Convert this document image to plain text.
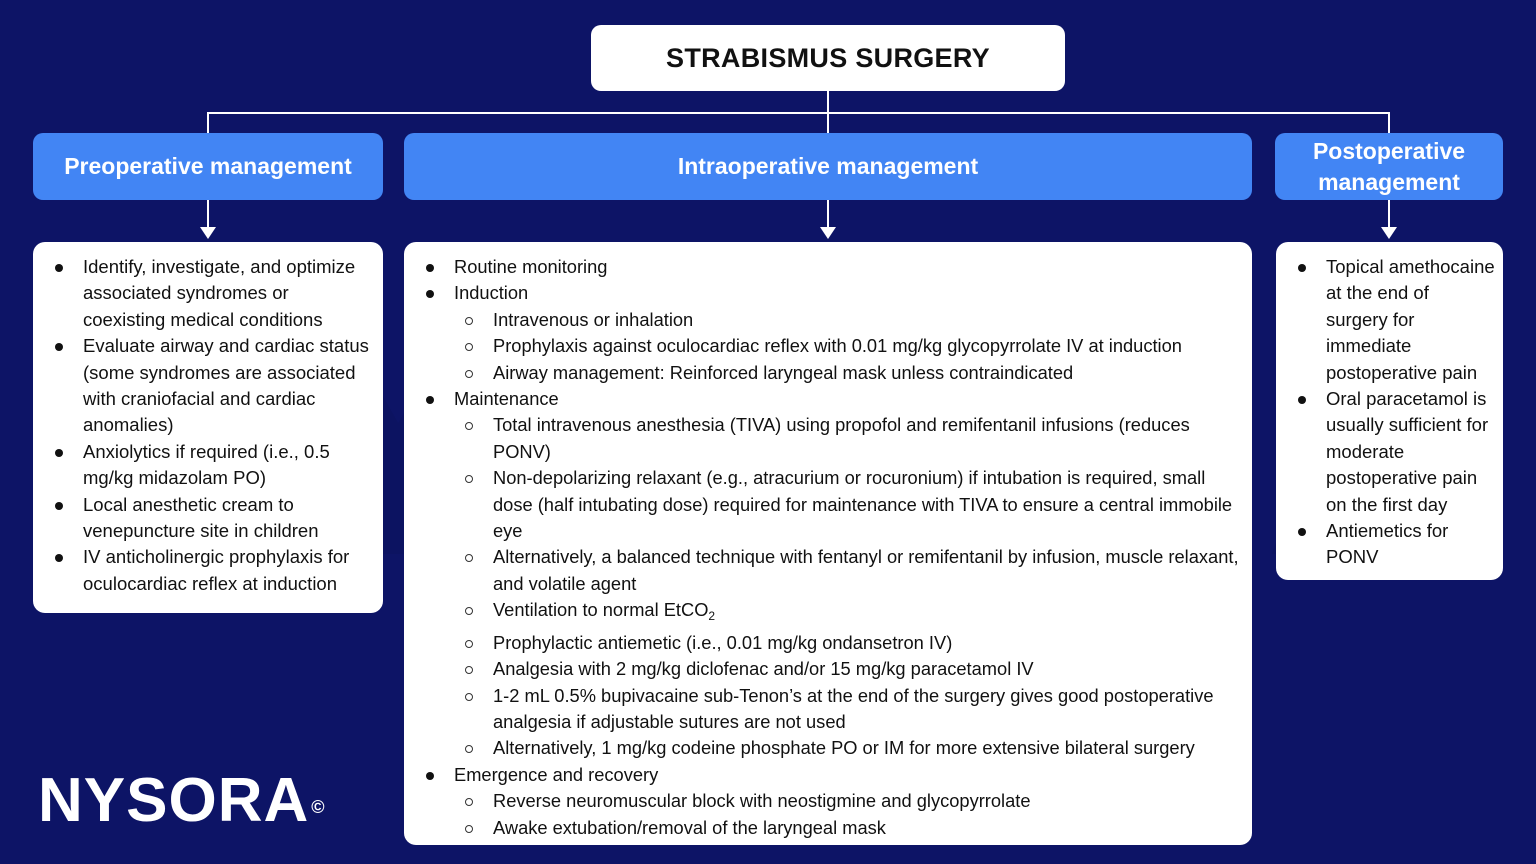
STRABISMUS SURGERY
Preoperative management	Intraoperative management
Postoperative management
Identify, investigate, and optimize associated syndromes or coexisting medical conditions
Evaluate airway and cardiac status (some syndromes are associated with craniofacial and cardiac anomalies)
Anxiolytics if required (i.e., 0.5 mg/kg midazolam PO)
Local anesthetic cream to venepuncture site in children
IV anticholinergic prophylaxis for oculocardiac reflex at induction
Routine monitoring
Induction
Intravenous or inhalation
Prophylaxis against oculocardiac reflex with 0.01 mg/kg glycopyrrolate IV at induction
Airway management: Reinforced laryngeal mask unless contraindicated
Maintenance
Total intravenous anesthesia (TIVA) using propofol and remifentanil infusions (reduces PONV)
Non-depolarizing relaxant (e.g., atracurium or rocuronium) if intubation is required, small dose (half intubating dose) required for maintenance with TIVA to ensure a central immobile eye
Alternatively, a balanced technique with fentanyl or remifentanil by infusion, muscle relaxant, and volatile agent
Ventilation to normal EtCO$_2$
Prophylactic antiemetic (i.e., 0.01 mg/kg ondansetron IV)
Analgesia with 2 mg/kg diclofenac and/or 15 mg/kg paracetamol IV
1-2 mL 0.5% bupivacaine sub-Tenon’s at the end of the surgery gives good postoperative analgesia if adjustable sutures are not used
Alternatively, 1 mg/kg codeine phosphate PO or IM for more extensive bilateral surgery
Emergence and recovery
Reverse neuromuscular block with neostigmine and glycopyrrolate
Awake extubation/removal of the laryngeal mask
Topical amethocaine at the end of surgery for immediate postoperative pain
Oral paracetamol is usually sufficient for moderate postoperative pain on the first day
Antiemetics for PONV
NYSORA ©
